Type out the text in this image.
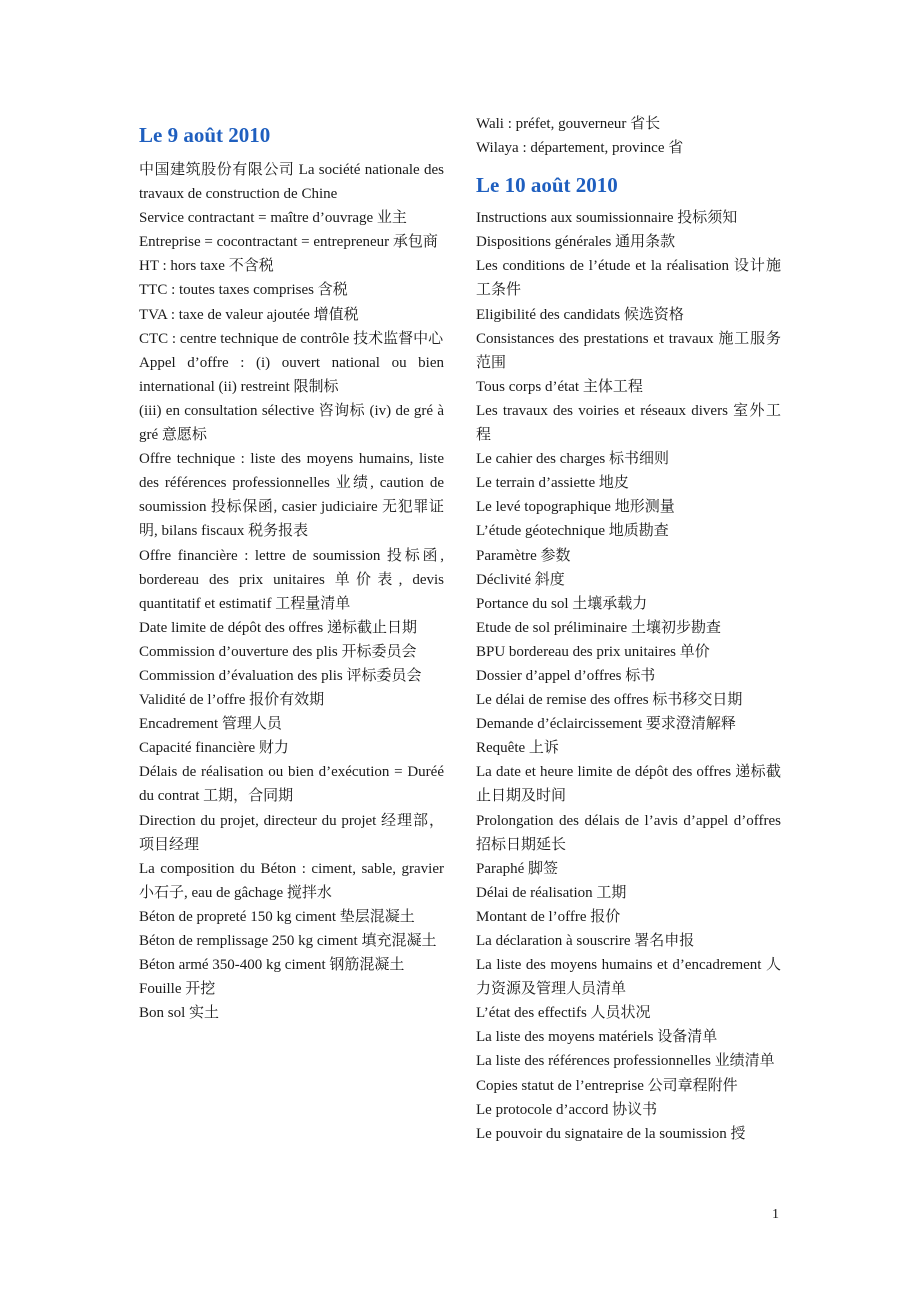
Le 9 août 2010

中国建筑股份有限公司 La société nationale des travaux de construction de Chine

Service contractant = maître d’ouvrage 业主

Entreprise = cocontractant = entrepreneur 承包商

HT : hors taxe 不含税

TTC : toutes taxes comprises 含税

TVA : taxe de valeur ajoutée 增值税

CTC : centre technique de contrôle 技术监督中心

Appel d’offre : (i) ouvert national ou bien international (ii) restreint 限制标

(iii) en consultation sélective 咨询标 (iv) de gré à gré 意愿标

Offre technique : liste des moyens humains, liste des références professionnelles 业绩, caution de soumission 投标保函, casier judiciaire 无犯罪证明, bilans fiscaux 税务报表

Offre financière : lettre de soumission 投标函, bordereau des prix unitaires 单价表, devis quantitatif et estimatif 工程量清单

Date limite de dépôt des offres 递标截止日期

Commission d’ouverture des plis 开标委员会

Commission d’évaluation des plis 评标委员会

Validité de l’offre 报价有效期

Encadrement 管理人员

Capacité financière 财力

Délais de réalisation ou bien d’exécution = Duréé du contrat 工期，合同期

Direction du projet, directeur du projet 经理部，项目经理

La composition du Béton : ciment, sable, gravier 小石子, eau de gâchage 搅拌水

Béton de propreté 150 kg ciment 垫层混凝土

Béton de remplissage 250 kg ciment 填充混凝土

Béton armé 350-400 kg ciment 钢筋混凝土

Fouille 开挖

Bon sol 实土

Wali : préfet, gouverneur 省长

Wilaya : département, province 省

Le 10 août 2010

Instructions aux soumissionnaire 投标须知

Dispositions générales 通用条款

Les conditions de l’étude et la réalisation 设计施工条件

Eligibilité des candidats 候选资格

Consistances des prestations et travaux 施工服务范围

Tous corps d’état 主体工程

Les travaux des voiries et réseaux divers 室外工程

Le cahier des charges 标书细则

Le terrain d’assiette 地皮

Le levé topographique 地形测量

L’étude géotechnique 地质勘查

Paramètre 参数

Déclivité 斜度

Portance du sol 土壤承载力

Etude de sol préliminaire 土壤初步勘查

BPU bordereau des prix unitaires 单价

Dossier d’appel d’offres 标书

Le délai de remise des offres 标书移交日期

Demande d’éclaircissement 要求澄清解释

Requête 上诉

La date et heure limite de dépôt des offres 递标截止日期及时间

Prolongation des délais de l’avis d’appel d’offres 招标日期延长

Paraphé 脚签

Délai de réalisation 工期

Montant de l’offre 报价

La déclaration à souscrire 署名申报

La liste des moyens humains et d’encadrement 人力资源及管理人员清单

L’état des effectifs 人员状况

La liste des moyens matériels 设备清单

La liste des références professionnelles 业绩清单

Copies statut de l’entreprise 公司章程附件

Le protocole d’accord 协议书

Le pouvoir du signataire de la soumission 授

1
